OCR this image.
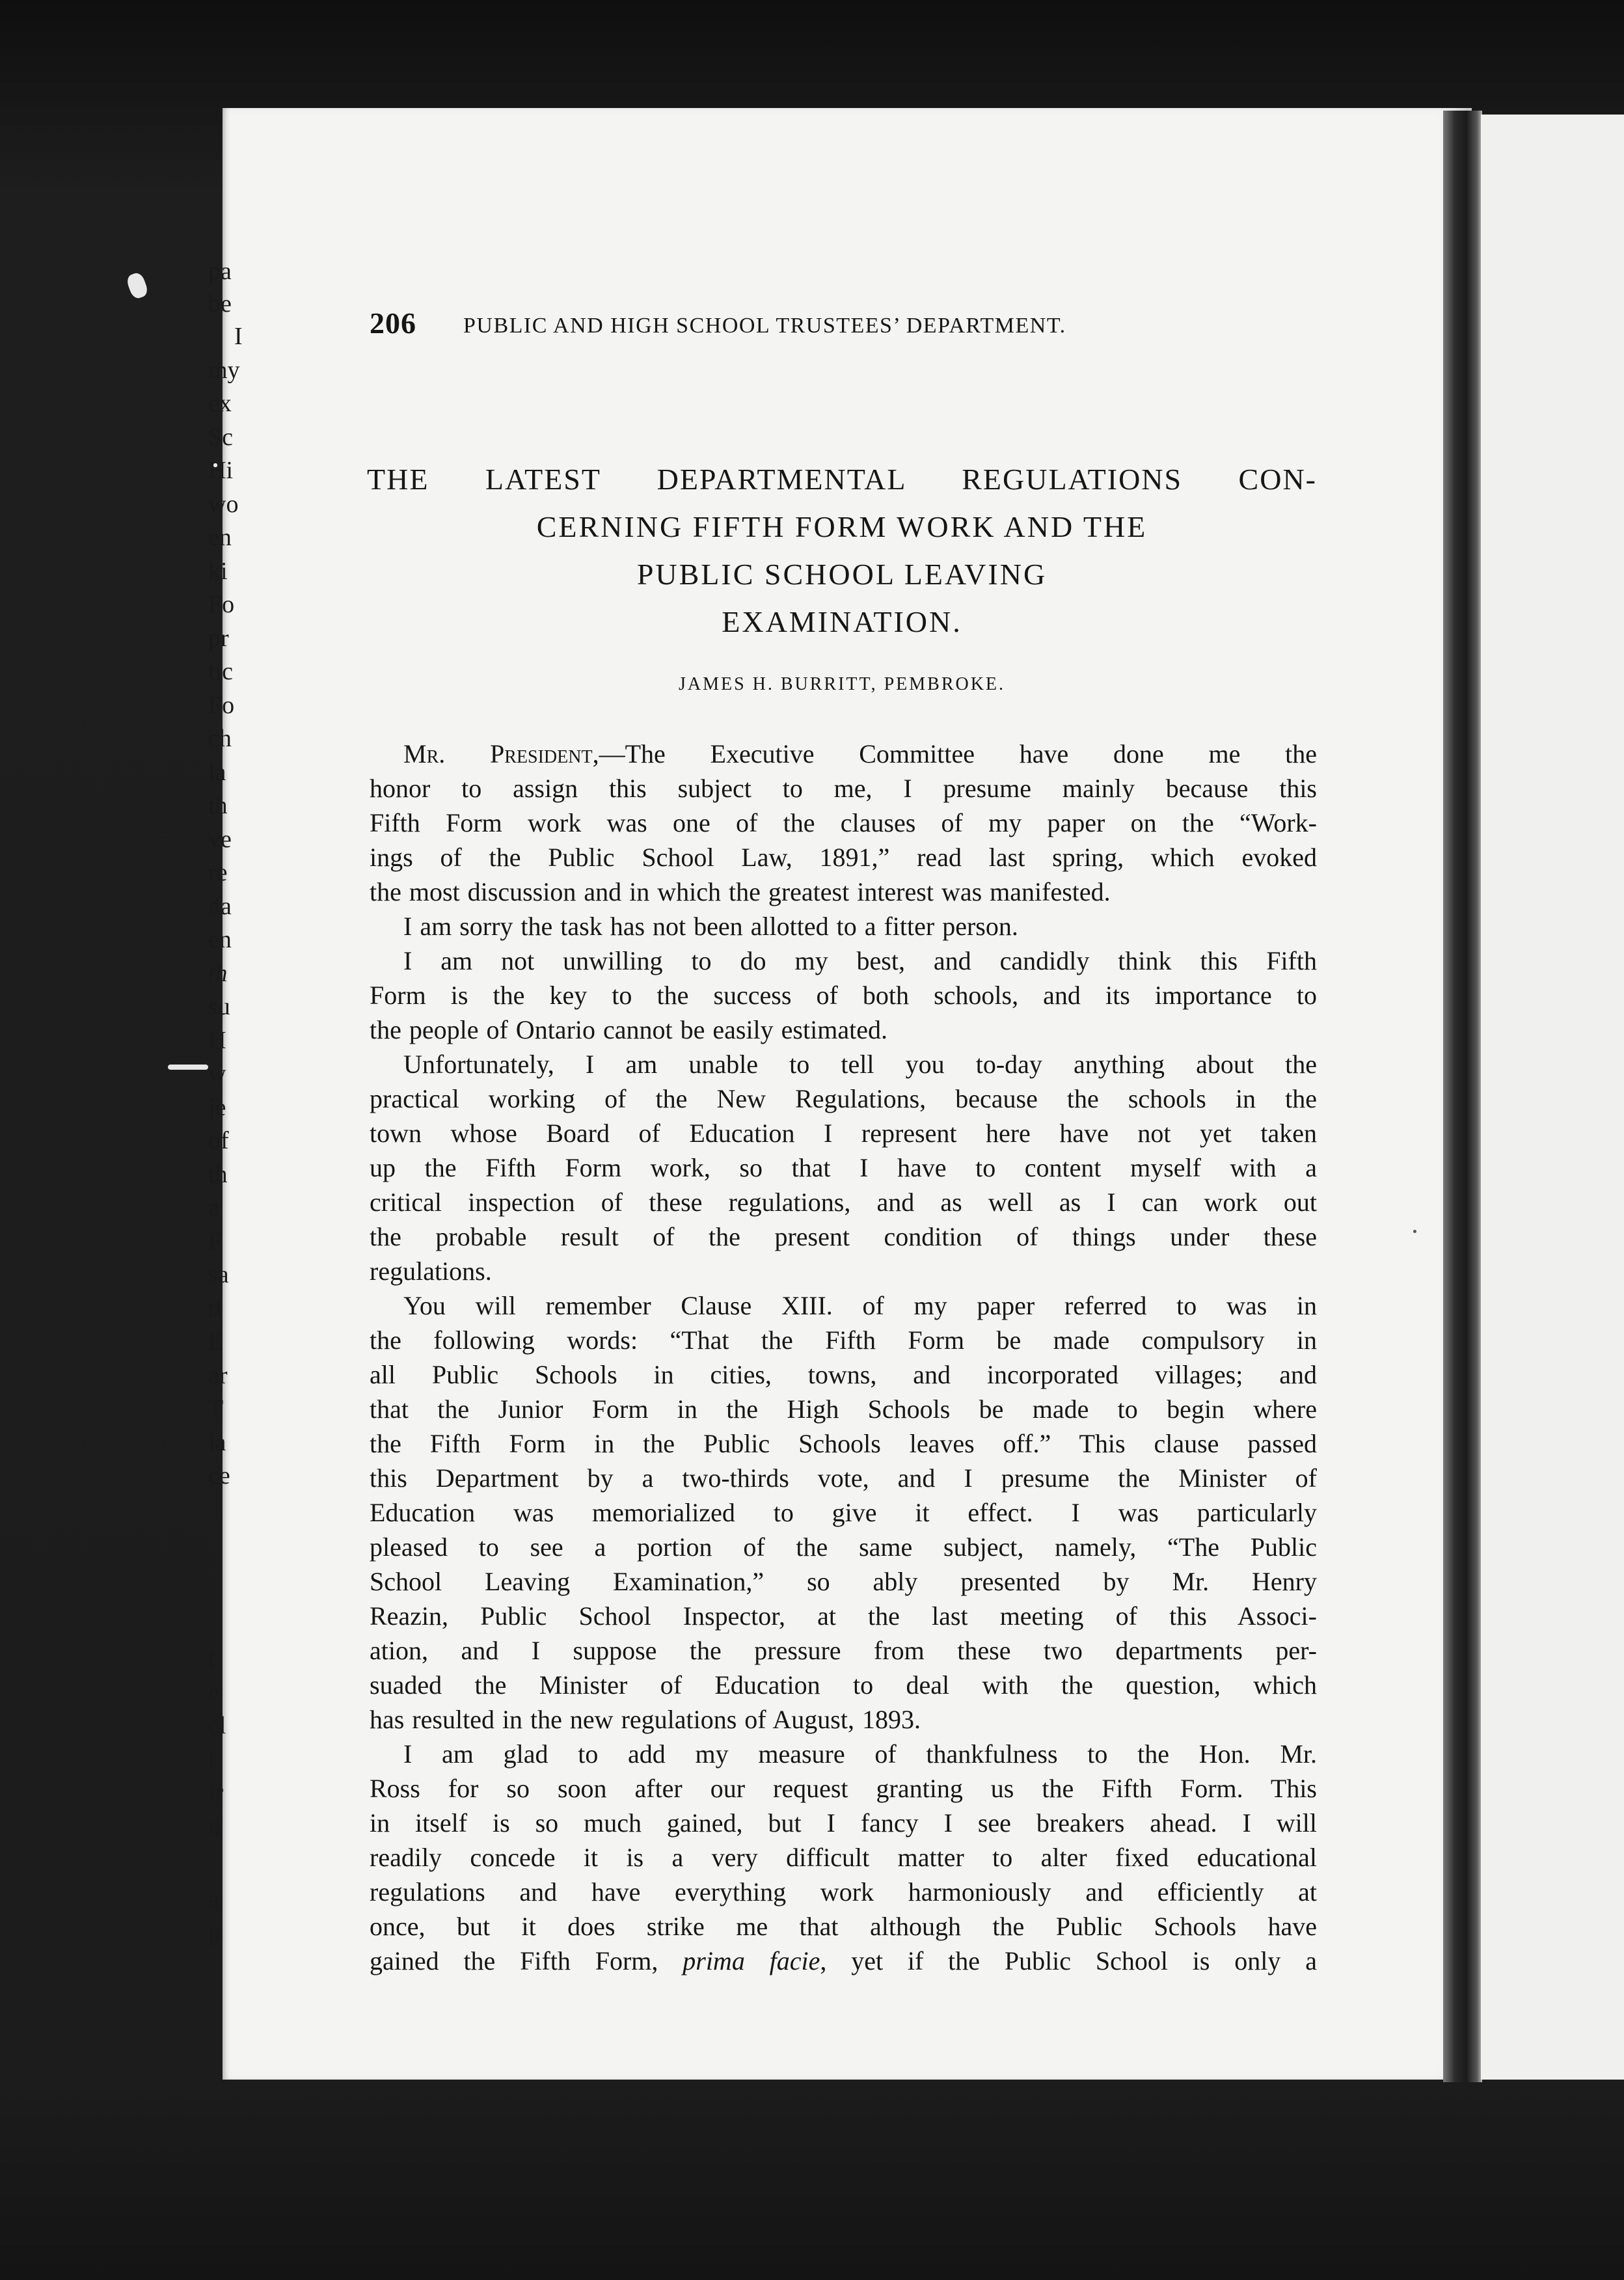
pa
be
I
my
ex
Sc
Hi
wo
en
ki
Fo
pr
tic
Fo
ch
la
th
ve
re
da
en
th
su
H
w
je
of
th
a
F
sa
tl
E
ar
T
la
ce
t
e
cl
t
ir
n
a
p
206 PUBLIC AND HIGH SCHOOL TRUSTEES’ DEPARTMENT.
THE LATEST DEPARTMENTAL REGULATIONS CON-
CERNING FIFTH FORM WORK AND THE
PUBLIC SCHOOL LEAVING
EXAMINATION.
JAMES H. BURRITT, PEMBROKE.
Mr. President,—The Executive Committee have done me the
honor to assign this subject to me, I presume mainly because this
Fifth Form work was one of the clauses of my paper on the “Work-
ings of the Public School Law, 1891,” read last spring, which evoked
the most discussion and in which the greatest interest was manifested.
I am sorry the task has not been allotted to a fitter person.
I am not unwilling to do my best, and candidly think this Fifth
Form is the key to the success of both schools, and its importance to
the people of Ontario cannot be easily estimated.
Unfortunately, I am unable to tell you to-day anything about the
practical working of the New Regulations, because the schools in the
town whose Board of Education I represent here have not yet taken
up the Fifth Form work, so that I have to content myself with a
critical inspection of these regulations, and as well as I can work out
the probable result of the present condition of things under these
regulations.
You will remember Clause XIII. of my paper referred to was in
the following words: “That the Fifth Form be made compulsory in
all Public Schools in cities, towns, and incorporated villages; and
that the Junior Form in the High Schools be made to begin where
the Fifth Form in the Public Schools leaves off.” This clause passed
this Department by a two-thirds vote, and I presume the Minister of
Education was memorialized to give it effect. I was particularly
pleased to see a portion of the same subject, namely, “The Public
School Leaving Examination,” so ably presented by Mr. Henry
Reazin, Public School Inspector, at the last meeting of this Associ-
ation, and I suppose the pressure from these two departments per-
suaded the Minister of Education to deal with the question, which
has resulted in the new regulations of August, 1893.
I am glad to add my measure of thankfulness to the Hon. Mr.
Ross for so soon after our request granting us the Fifth Form. This
in itself is so much gained, but I fancy I see breakers ahead. I will
readily concede it is a very difficult matter to alter fixed educational
regulations and have everything work harmoniously and efficiently at
once, but it does strike me that although the Public Schools have
gained the Fifth Form, prima facie, yet if the Public School is only a
